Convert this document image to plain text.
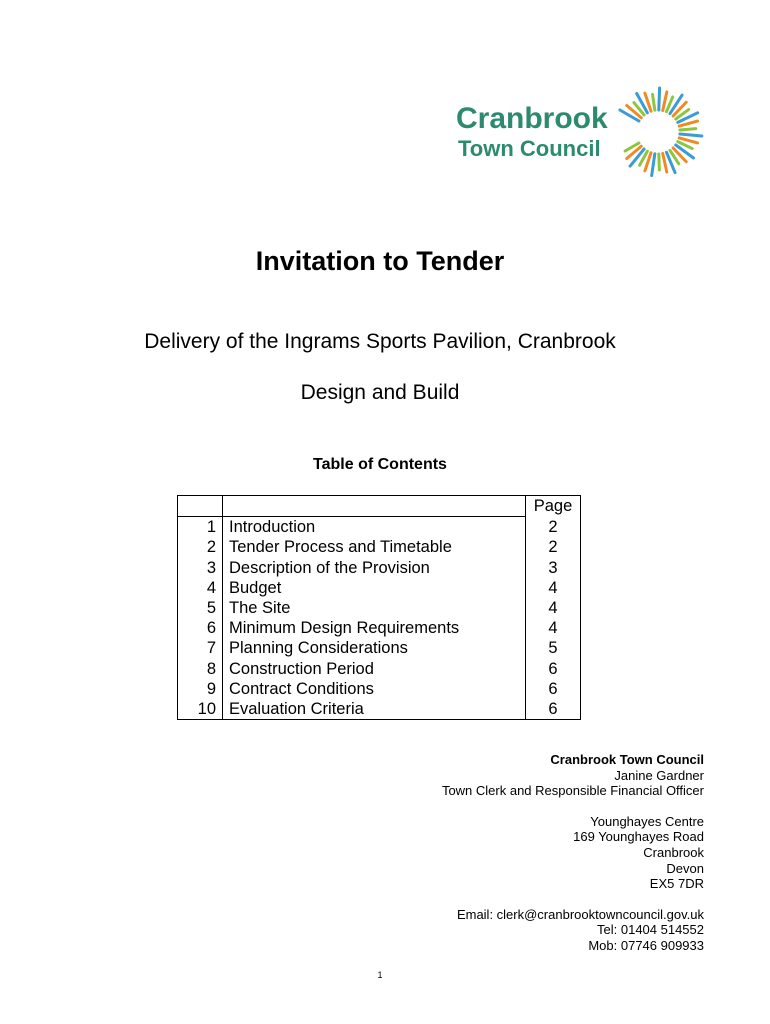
Cranbrook
Town Council
Invitation to Tender
Delivery of the Ingrams Sports Pavilion, Cranbrook
Design and Build
Table of Contents
		Page
1	Introduction	2
2	Tender Process and Timetable	2
3	Description of the Provision	3
4	Budget	4
5	The Site	4
6	Minimum Design Requirements	4
7	Planning Considerations	5
8	Construction Period	6
9	Contract Conditions	6
10	Evaluation Criteria	6
Cranbrook Town Council
Janine Gardner
Town Clerk and Responsible Financial Officer
Younghayes Centre
169 Younghayes Road
Cranbrook
Devon
EX5 7DR
Email: clerk@cranbrooktowncouncil.gov.uk
Tel: 01404 514552
Mob: 07746 909933
1
